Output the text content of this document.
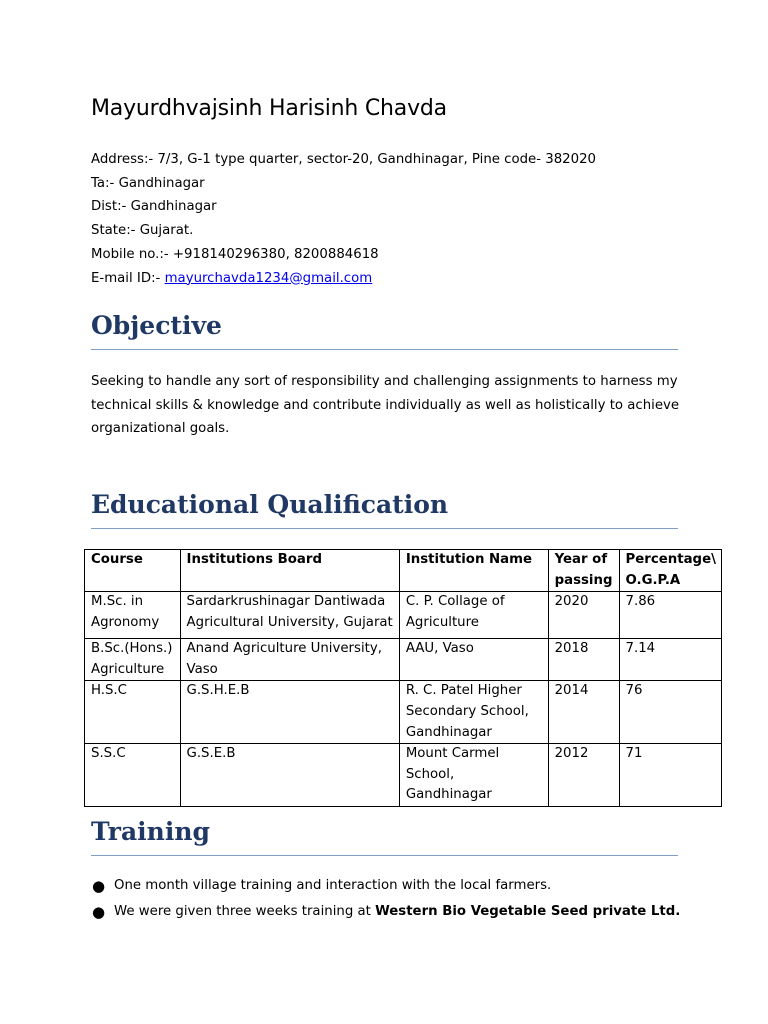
Mayurdhvajsinh Harisinh Chavda
Address:- 7/3, G-1 type quarter, sector-20, Gandhinagar, Pine code- 382020
Ta:- Gandhinagar
Dist:- Gandhinagar
State:- Gujarat.
Mobile no.:- +918140296380, 8200884618
E-mail ID:- mayurchavda1234@gmail.com
Objective
Seeking to handle any sort of responsibility and challenging assignments to harness my technical skills & knowledge and contribute individually as well as holistically to achieve organizational goals.
Educational Qualification
Course	Institutions Board	Institution Name	Year of passing	Percentage\ O.G.P.A
M.Sc. in Agronomy	Sardarkrushinagar Dantiwada Agricultural University, Gujarat	C. P. Collage of Agriculture	2020	7.86
B.Sc.(Hons.) Agriculture	Anand Agriculture University, Vaso	AAU, Vaso	2018	7.14
H.S.C	G.S.H.E.B	R. C. Patel Higher Secondary School, Gandhinagar	2014	76
S.S.C	G.S.E.B	Mount Carmel School, Gandhinagar	2012	71
Training
● One month village training and interaction with the local farmers.
● We were given three weeks training at Western Bio Vegetable Seed private Ltd.
